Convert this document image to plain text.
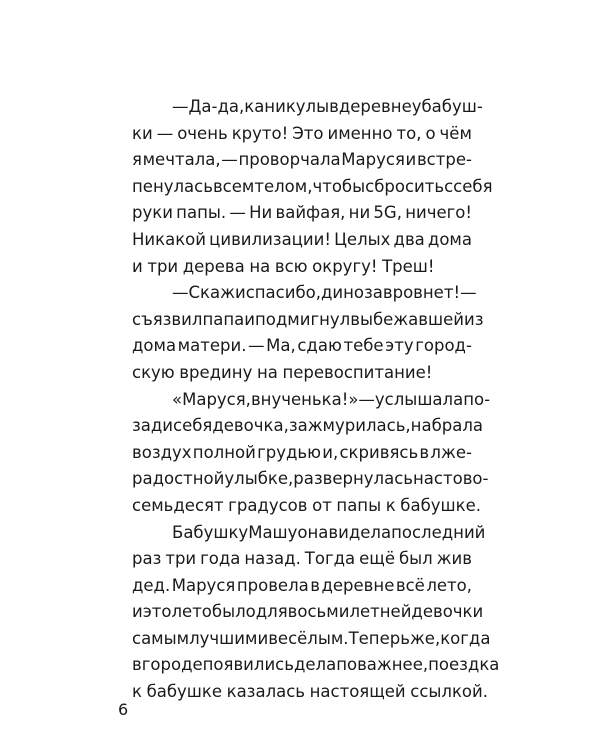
— Да-да, каникулы в деревне у бабуш-
ки — очень круто! Это именно то, о чём
я мечтала, — проворчала Маруся и встре-
пенулась всем телом, чтобы сбросить с себя
руки папы. — Ни вайфая, ни 5G, ничего!
Никакой цивилизации! Целых два дома
и три дерева на всю округу! Треш!
— Скажи спасибо, динозавров нет! —
съязвил папа и подмигнул выбежавшей из
дома матери. — Ма, сдаю тебе эту город-
скую вредину на перевоспитание!
«Маруся, внученька!» — услышала по-
зади себя девочка, зажмурилась, набрала
воздух полной грудью и, скривясь в лже-
радостной улыбке, развернулась на сто во-
семьдесят градусов от папы к бабушке.
Бабушку Машу она видела последний
раз три года назад. Тогда ещё был жив
дед. Маруся провела в деревне всё лето,
и это лето было для восьмилетней девочки
самым лучшим и весёлым. Теперь же, когда
в городе появились дела поважнее, поездка
к бабушке казалась настоящей ссылкой.
6
